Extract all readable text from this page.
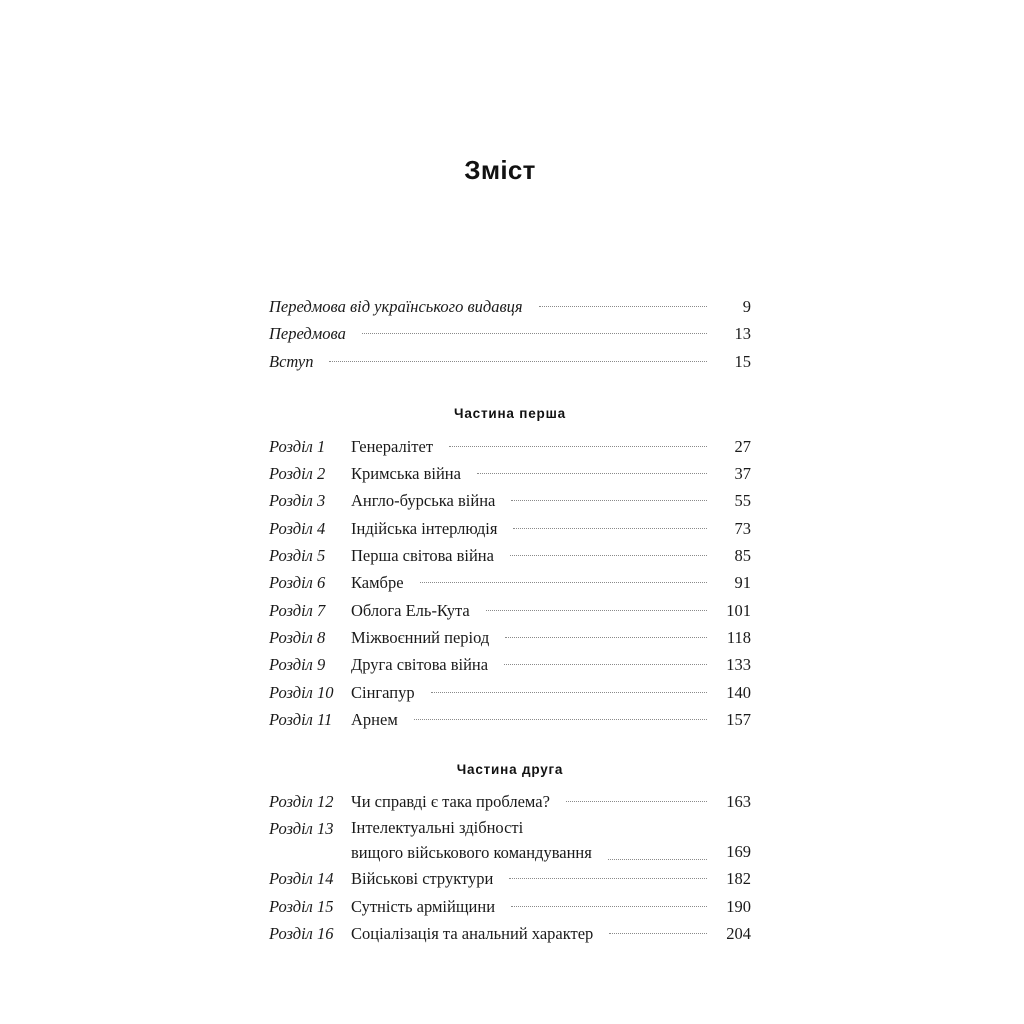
Зміст
Передмова від українського видавця	9
Передмова	13
Вступ	15
Частина перша
Розділ 1	Генералітет	27
Розділ 2	Кримська війна	37
Розділ 3	Англо-бурська війна	55
Розділ 4	Індійська інтерлюдія	73
Розділ 5	Перша світова війна	85
Розділ 6	Камбре	91
Розділ 7	Облога Ель-Кута	101
Розділ 8	Міжвоєнний період	118
Розділ 9	Друга світова війна	133
Розділ 10	Сінгапур	140
Розділ 11	Арнем	157
Частина друга
Розділ 12	Чи справді є така проблема?	163
Розділ 13	Інтелектуальні здібності
вищого військового командування	169
Розділ 14	Військові структури	182
Розділ 15	Сутність армійщини	190
Розділ 16	Соціалізація та анальний характер	204
